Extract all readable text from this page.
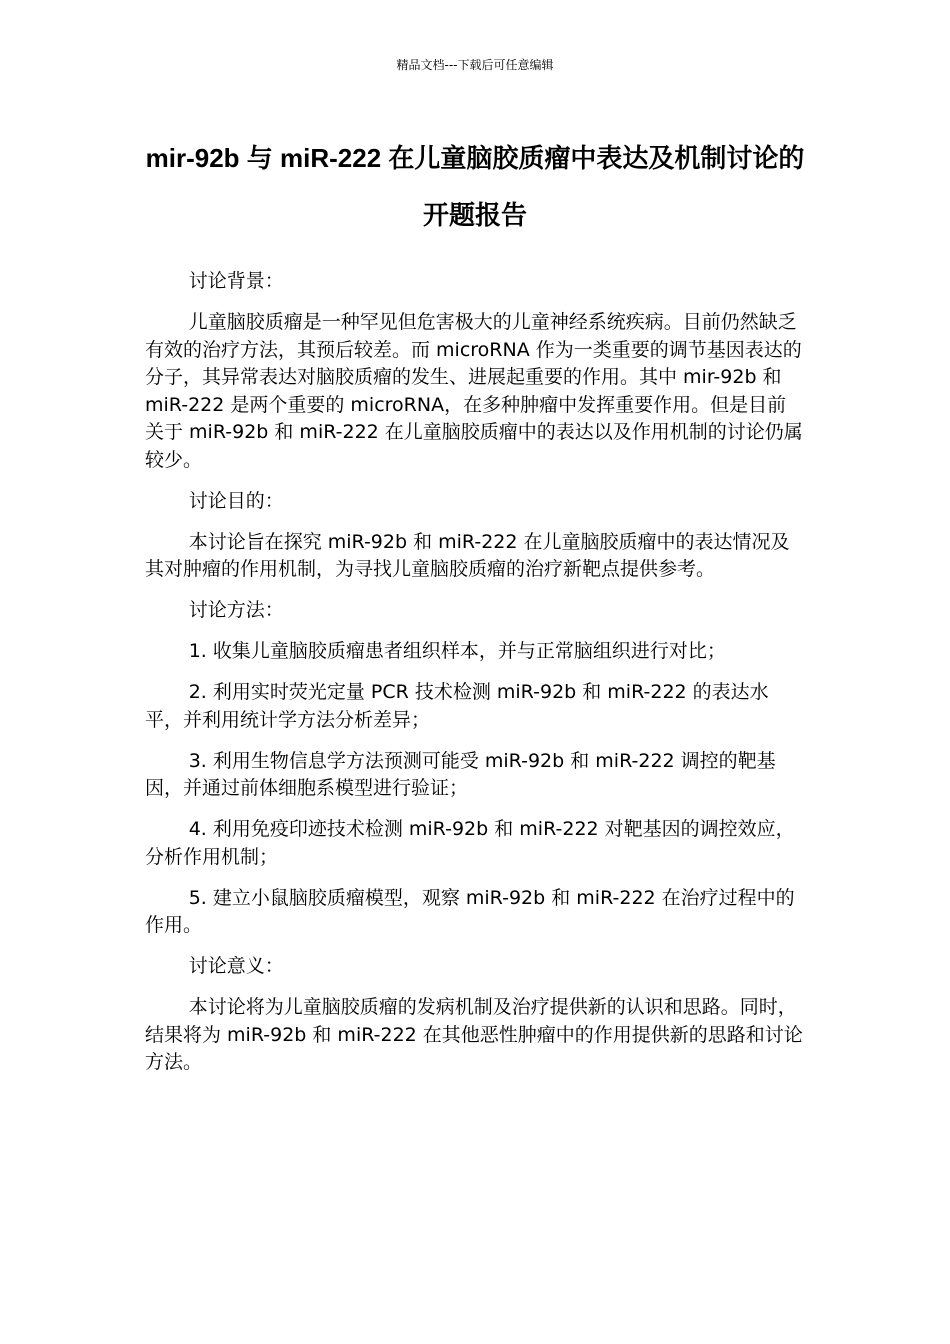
精品文档---下载后可任意编辑
mir-92b 与 miR-222 在儿童脑胶质瘤中表达及机制讨论的开题报告

讨论背景：

儿童脑胶质瘤是一种罕见但危害极大的儿童神经系统疾病。目前仍然缺乏有效的治疗方法，其预后较差。而 microRNA 作为一类重要的调节基因表达的分子，其异常表达对脑胶质瘤的发生、进展起重要的作用。其中 mir-92b 和 miR-222 是两个重要的 microRNA，在多种肿瘤中发挥重要作用。但是目前关于 miR-92b 和 miR-222 在儿童脑胶质瘤中的表达以及作用机制的讨论仍属较少。

讨论目的：

本讨论旨在探究 miR-92b 和 miR-222 在儿童脑胶质瘤中的表达情况及其对肿瘤的作用机制，为寻找儿童脑胶质瘤的治疗新靶点提供参考。

讨论方法：

1. 收集儿童脑胶质瘤患者组织样本，并与正常脑组织进行对比；

2. 利用实时荧光定量 PCR 技术检测 miR-92b 和 miR-222 的表达水平，并利用统计学方法分析差异；

3. 利用生物信息学方法预测可能受 miR-92b 和 miR-222 调控的靶基因，并通过前体细胞系模型进行验证；

4. 利用免疫印迹技术检测 miR-92b 和 miR-222 对靶基因的调控效应，分析作用机制；

5. 建立小鼠脑胶质瘤模型，观察 miR-92b 和 miR-222 在治疗过程中的作用。

讨论意义：

本讨论将为儿童脑胶质瘤的发病机制及治疗提供新的认识和思路。同时，结果将为 miR-92b 和 miR-222 在其他恶性肿瘤中的作用提供新的思路和讨论方法。
